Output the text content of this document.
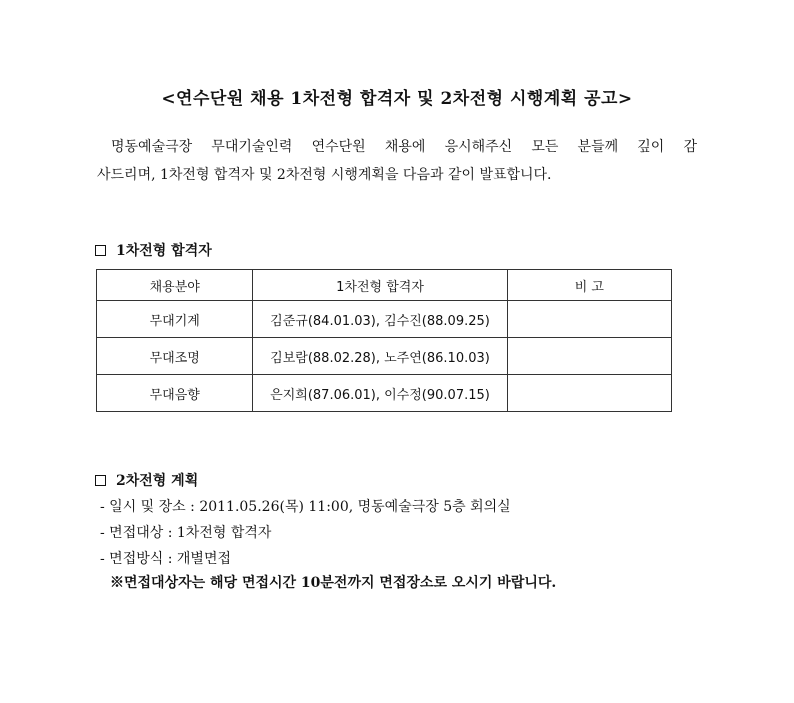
<연수단원 채용 1차전형 합격자 및 2차전형 시행계획 공고>
명동예술극장 무대기술인력 연수단원 채용에 응시해주신 모든 분들께 깊이 감
사드리며, 1차전형 합격자 및 2차전형 시행계획을 다음과 같이 발표합니다.
1차전형 합격자
채용분야	1차전형 합격자	비 고
무대기계	김준규(84.01.03), 김수진(88.09.25)	
무대조명	김보람(88.02.28), 노주연(86.10.03)	
무대음향	은지희(87.06.01), 이수정(90.07.15)	
2차전형 계획
- 일시 및 장소 : 2011.05.26(목) 11:00, 명동예술극장 5층 회의실
- 면접대상 : 1차전형 합격자
- 면접방식 : 개별면접
※면접대상자는 해당 면접시간 10분전까지 면접장소로 오시기 바랍니다.
